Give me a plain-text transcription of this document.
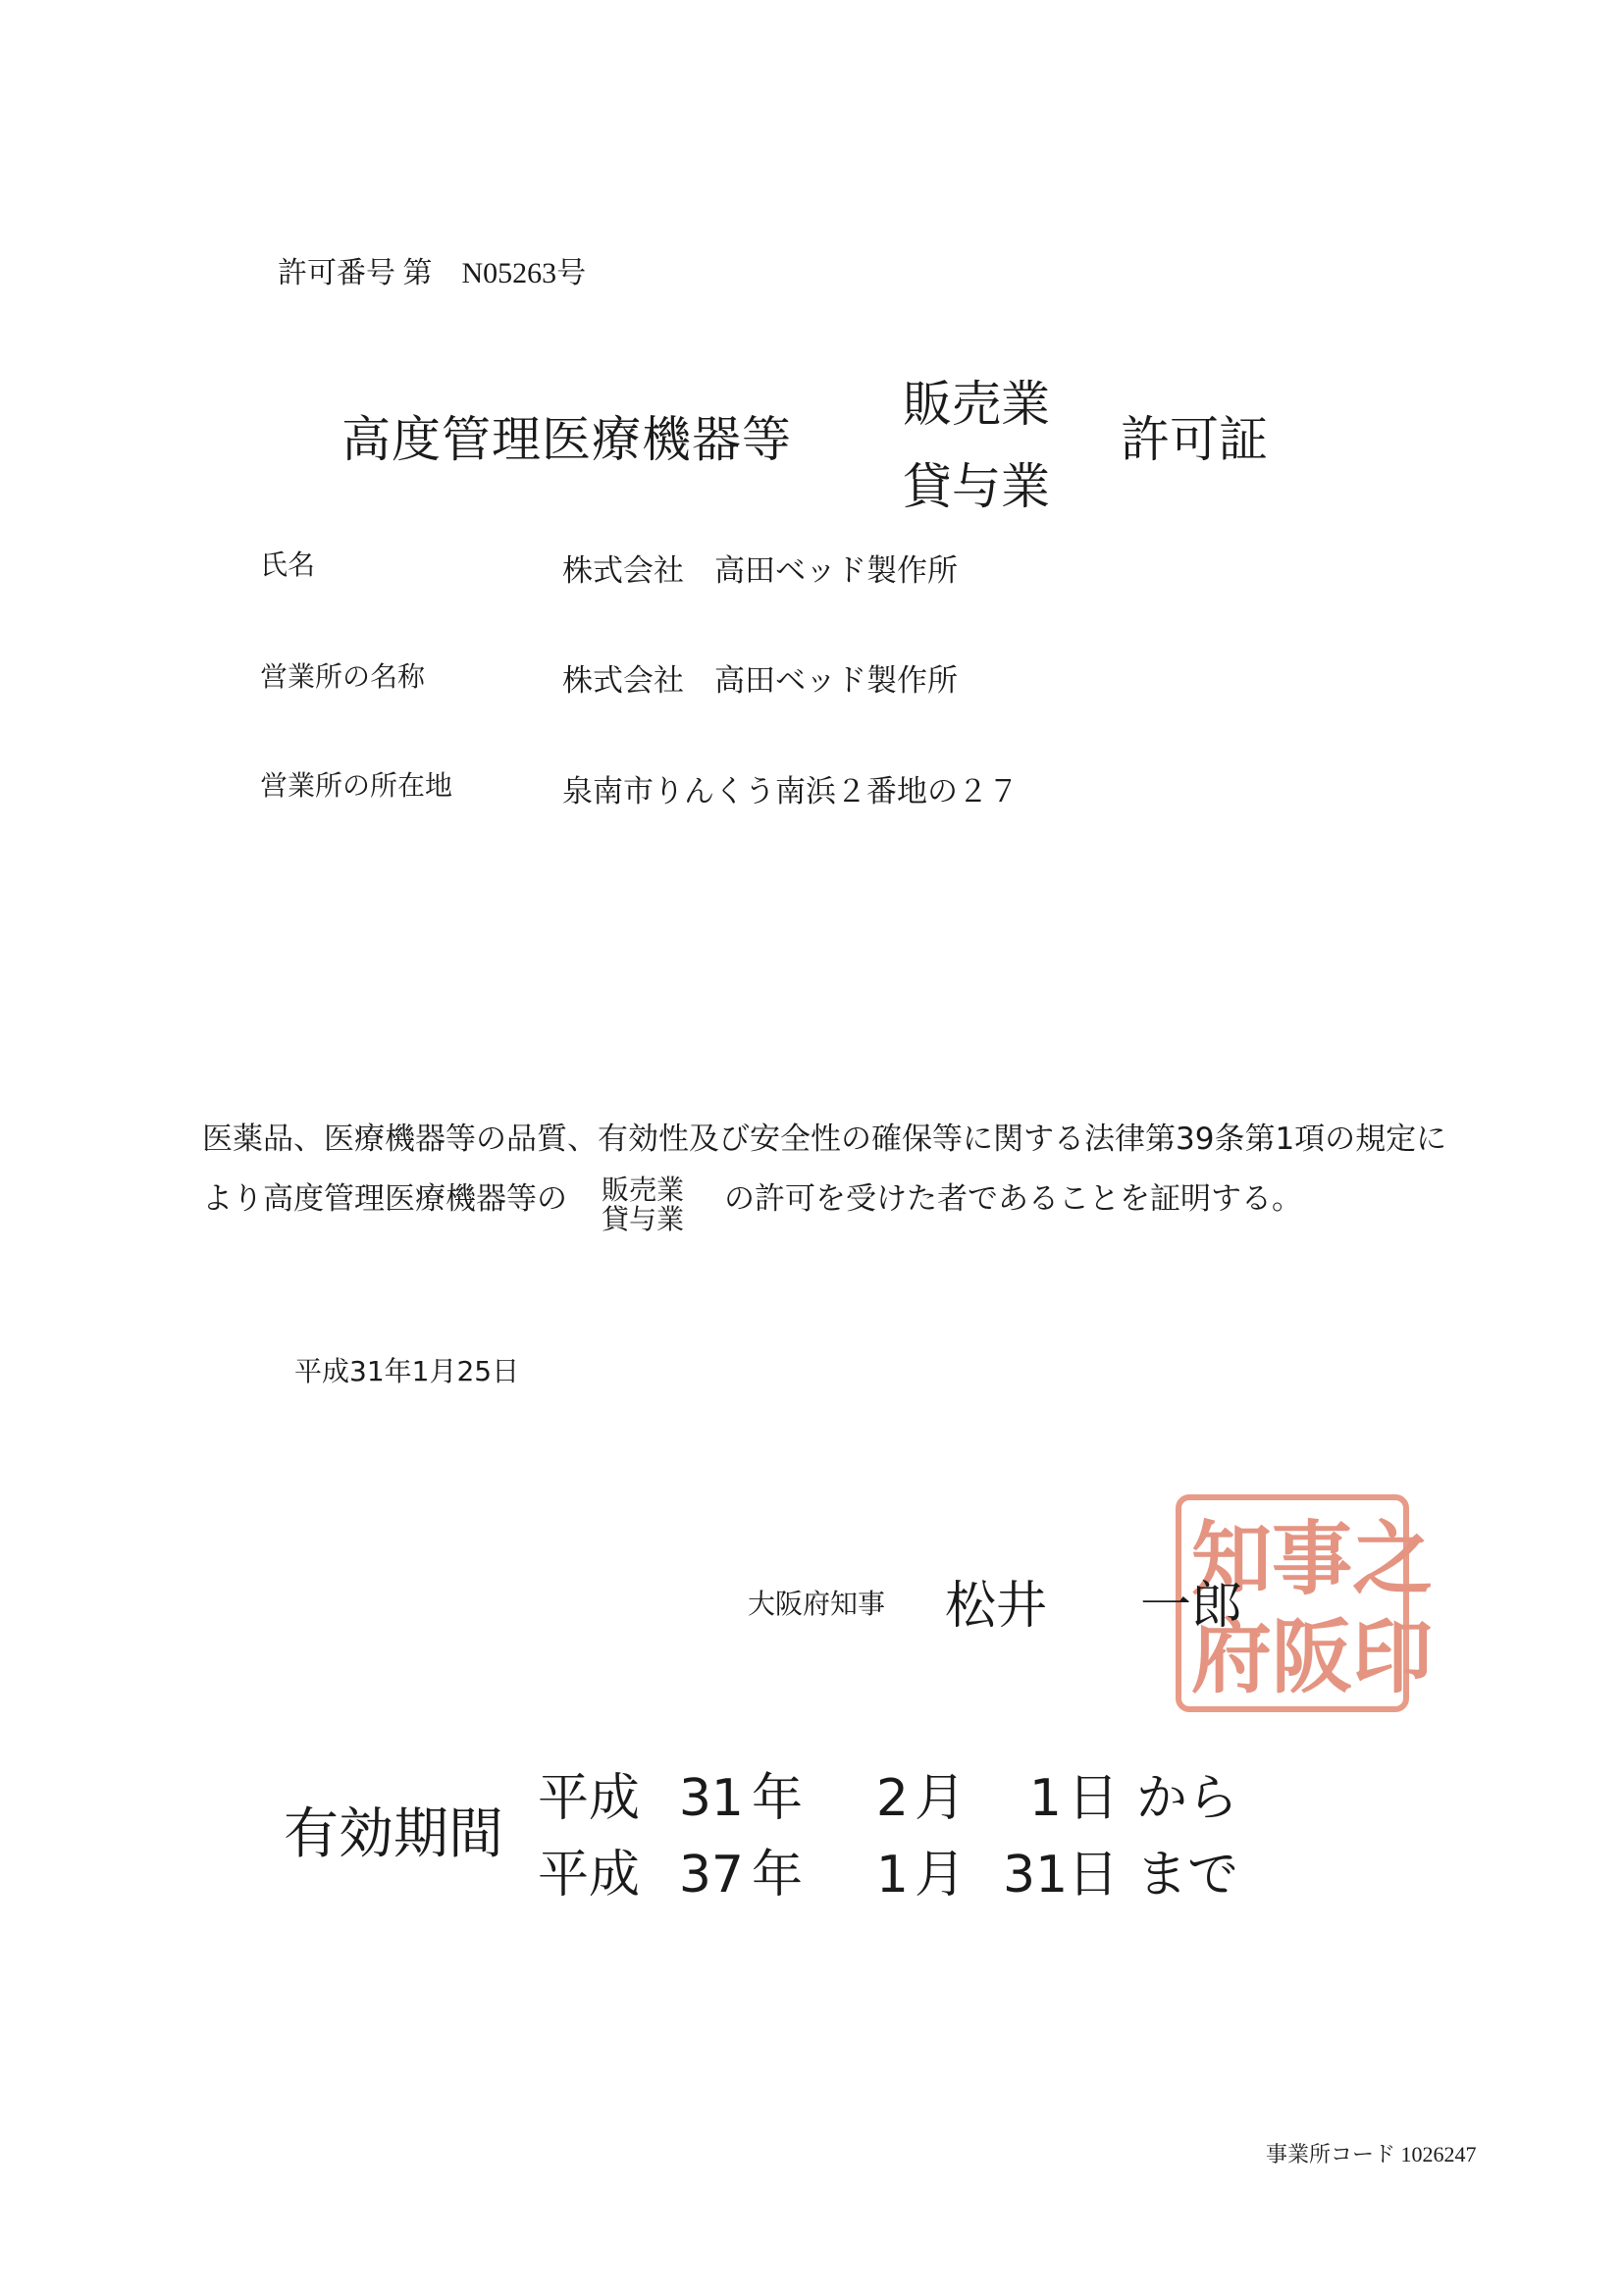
許可番号 第　N05263号
高度管理医療機器等
販売業
貸与業
許可証
氏名	株式会社　高田ベッド製作所
営業所の名称	株式会社　高田ベッド製作所
営業所の所在地	泉南市りんくう南浜２番地の２７
医薬品、医療機器等の品質、有効性及び安全性の確保等に関する法律第39条第1項の規定に
より高度管理医療機器等の 販売業
貸与業
の許可を受けた者であることを証明する。
平成31年1月25日
知 事 之
府 阪 印
大阪府知事 松井 一郎
有効期間
平成 31 年 2 月 1 日 から
平成 37 年 1 月 31日 まで
事業所コード 1026247
